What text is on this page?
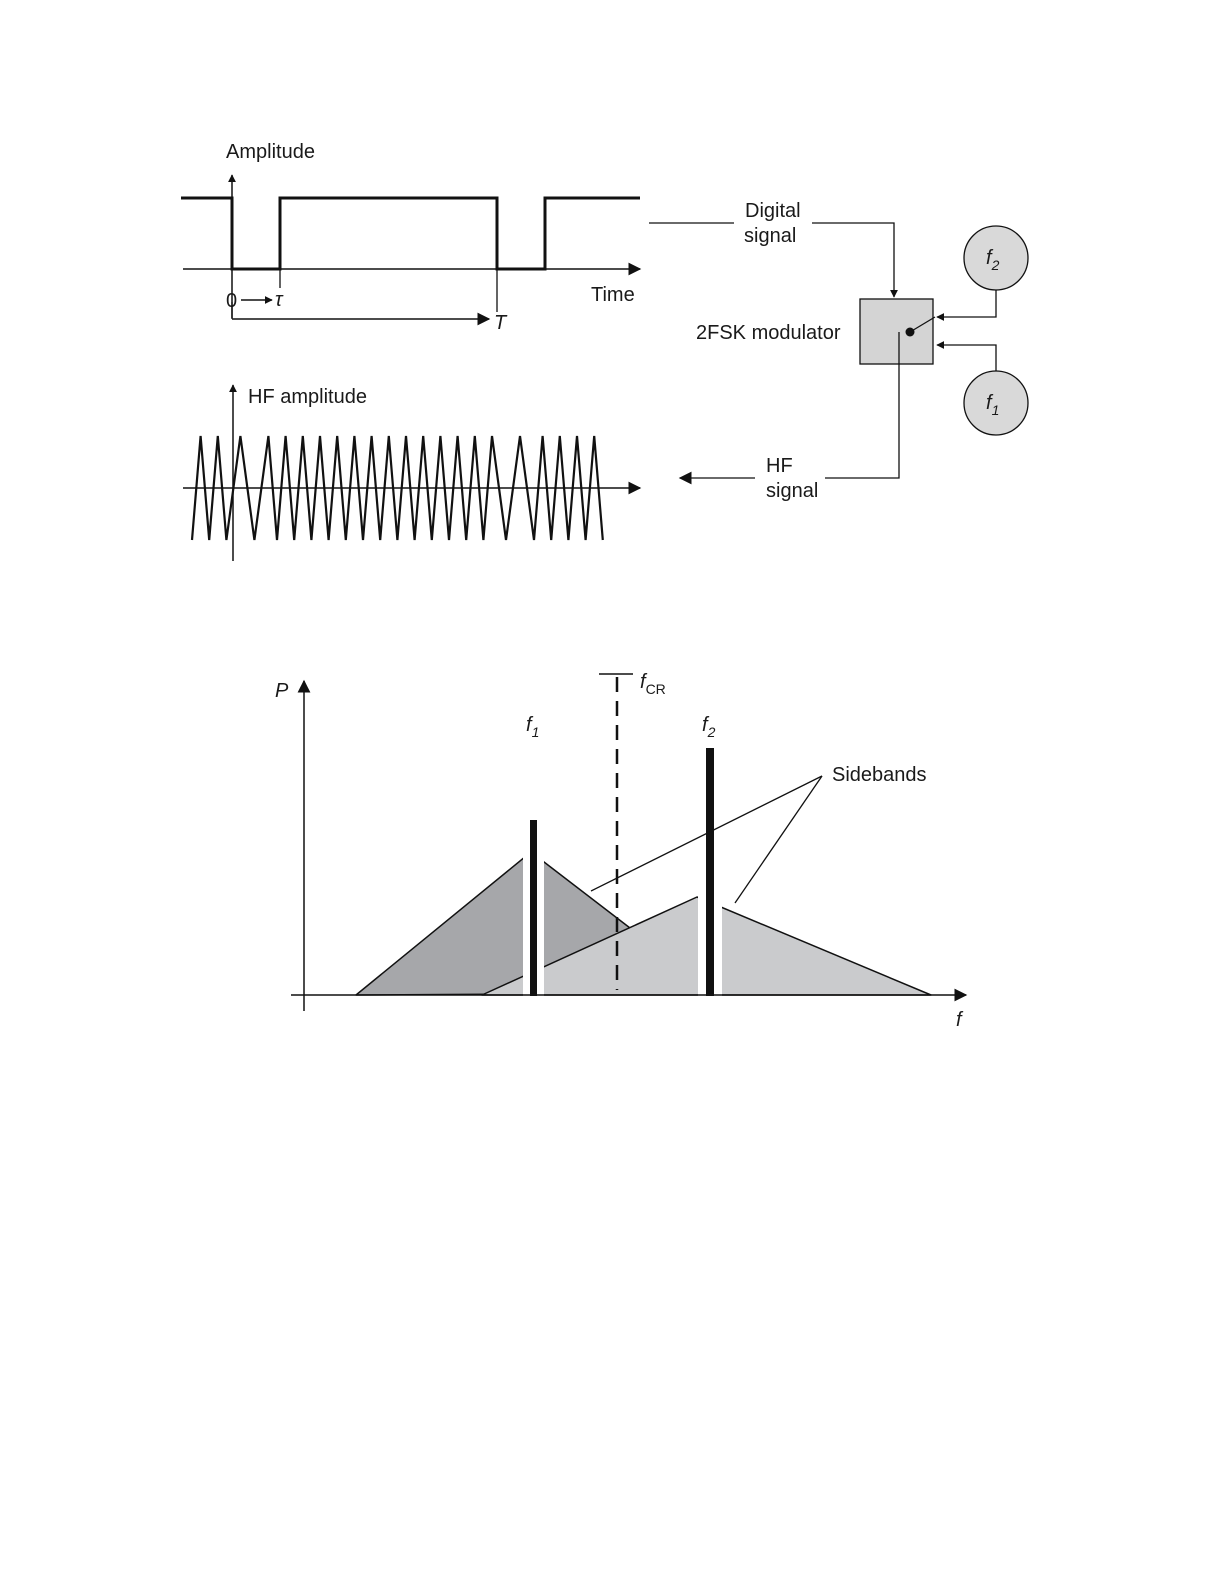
Amplitude
Time
0 τ
T
HF amplitude
Digital
signal
2FSK modulator
$f_2$
$f_1$
HF
signal
P
f
$f_1$	$f_2$
$f_{CR}$
Sidebands
